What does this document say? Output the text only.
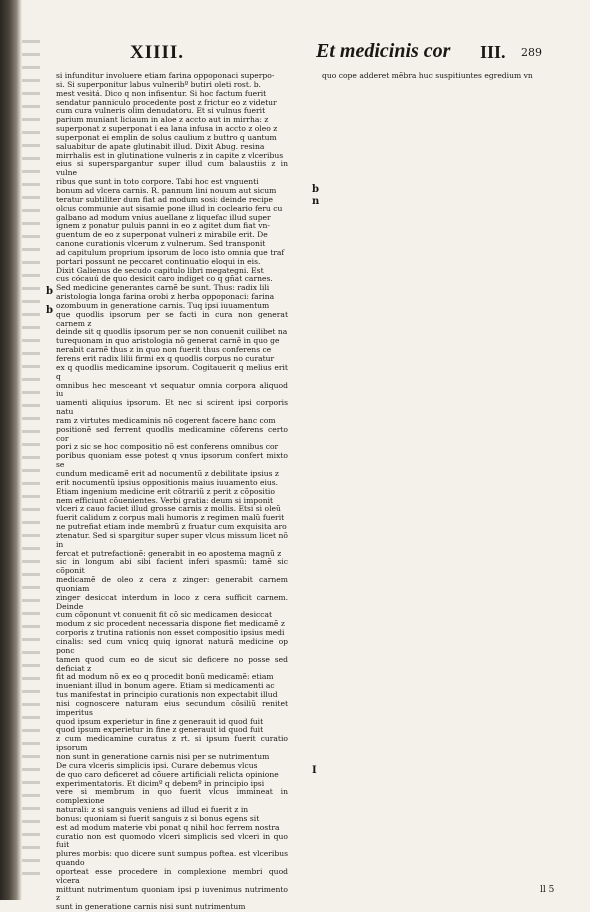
XIIII.	Et medicinis cor III. 289
b
b
b
n
I

si infunditur involuere etiam farina oppoponaci superpo-

si. Si superponitur labus vulneribº butiri oleti rost. b.

mest vesitá. Dico q non infisentur. Si hoc factum fuerit

sendatur panniculo procedente post z frictur eo z videtur

cum cura vulneris olim denudatoru. Et si vulnus fuerit

parium muniant liciaum in aloe z accto aut in mirrha: z

superponat z superponat i ea lana infusa in accto z oleo z

superponat ei emplin de solus caulium z buttro q uantum

saluabitur de apate glutinabit illud. Dixit Abug. resina

mirrhalis est in glutinatione vulneris z in capite z vlceribus

eius si superspargantur super illud cum balaustiis z in vulne

ribus que sunt in toto corpore. Tabi hoc est vnguenti

bonum ad vlcera carnis. R. pannum lini nouum aut sicum

teratur subtiliter dum fiat ad modum sosi: deinde recipe

olcus communie aut sisamie pone illud in cocleario feru cu

galbano ad modum vnius auellane z liquefac illud super

ignem z ponatur puluis panni in eo z agitet dum fiat vn-

guentum de eo z superponat vulneri z mirabile erit. De

canone curationis vlcerum z vulnerum. Sed transponit

ad capitulum proprium ipsorum de loco isto omnia que traf

portari possunt ne peccaret continuatio eloqui in eis.

Dixit Galienus de secudo capitulo libri megategni. Est

cus cócauú de quo desicit caro indiget co q gñat carnes.

Sed medicine generantes carnẽ be sunt. Thus: radix lili

aristologia longa farina orobi z herba oppoponaci: farina

ozombuum in generatione carnis. Tuq ipsi iuuamentum

que quodlis ipsorum per se facti in cura non generat carnem z

deinde sit q quodlis ipsorum per se non conuenit cuilibet na

turequonam in quo aristologia nõ generat carnẽ in quo ge

nerabit carnẽ thus z in quo non fuerit thus conferens ce

ferens erit radix lilii firmi ex q quodlis corpus no curatur

ex q quodlis medicamine ipsorum. Cogitauerit q melius erit q

omnibus hec mesceant vt sequatur omnia corpora aliquod iu

uamenti aliquius ipsorum. Et nec si scirent ipsi corporis natu

ram z virtutes medicaminis nõ cogerent facere hanc com

positionẽ sed ferrent quodlis medicamine cõferens certo cor

pori z sic se hoc compositio nõ est conferens omnibus cor

poribus quoniam esse potest q vnus ipsorum confert mixto se

cundum medicamẽ erit ad nocumentũ z debilitate ipsius z

erit nocumentũ ipsius oppositionis maius iuuamento eius.

Etiam ingenium medicine erit cõtrariũ z perit z cõpositio

nem efficiunt cõuenientes. Verbi gratia: deum si imponit

vlceri z cauo faciet illud grosse carnis z mollis. Etsi si oleũ

fuerit calidum z corpus mali humoris z regimen malũ fuerit

ne putrefiat etiam inde membrũ z fruatur cum exquisita aro

ztenatur. Sed si spargitur super super vlcus missum licet nõ in

fercat et putrefactionẽ: generabit in eo apostema magnũ z

sic in longum abi sibi facient inferi spasmũ: tamẽ sic cõponit

medicamẽ de oleo z cera z zinger: generabit carnem quoniam

zinger desiccat interdum in loco z cera sufficit carnem. Deinde

cum cõponunt vt conuenit fit cõ sic medicamen desiccat

modum z sic procedent necessaria dispone fiet medicamẽ z

corporis z trutina rationis non esset compositio ipsius medi

cinalis: sed cum vnicq quiq ignorat naturã medicine op ponc

tamen quod cum eo de sicut sic deficere no posse sed deficiat z

fit ad modum nõ ex eo q procedit bonũ medicamẽ: etiam

inueniant illud in bonum agere. Etiam si medicamenti ac

tus manifestat in principio curationis non expectabit illud

nisi cognoscere naturam eius secundum cõsiliũ renitet imperitus

quod ipsum experietur in fine z generauit id quod fuit

quod ipsum experietur in fine z generauit id quod fuit

z cum medicamine curatus z rt. si ipsum fuerit curatio ipsorum

non sunt in generatione carnis nisi per se nutrimentum

De cura vlceris simplicis ipsi. Curare debemus vlcus

de quo caro deficeret ad cõuere artificiali relicta opinione

experimentatoris. Et dicimº q debemº in principio ipsi

vere si membrum in quo fuerit vlcus immineat in complexione

naturali: z si sanguis veniens ad illud ei fuerit z in

bonus: quoniam si fuerit sanguis z si bonus egens sit

est ad modum materie vbi ponat q nihil hoc ferrem nostra

curatio non est quomodo vlceri simplicis sed vlceri in quo fuit

plures morbis: quo dicere sunt sumpus poftea. est vlceribus quando

oporteat esse procedere in complexione membri quod vlcera

mittunt nutrimentum quoniam ipsi p iuvenimus nutrimento z

sunt in generatione carnis nisi sunt nutrimentum

quo cope adderet mẽbra huc suspitiuntes egredium vn

ll 5
